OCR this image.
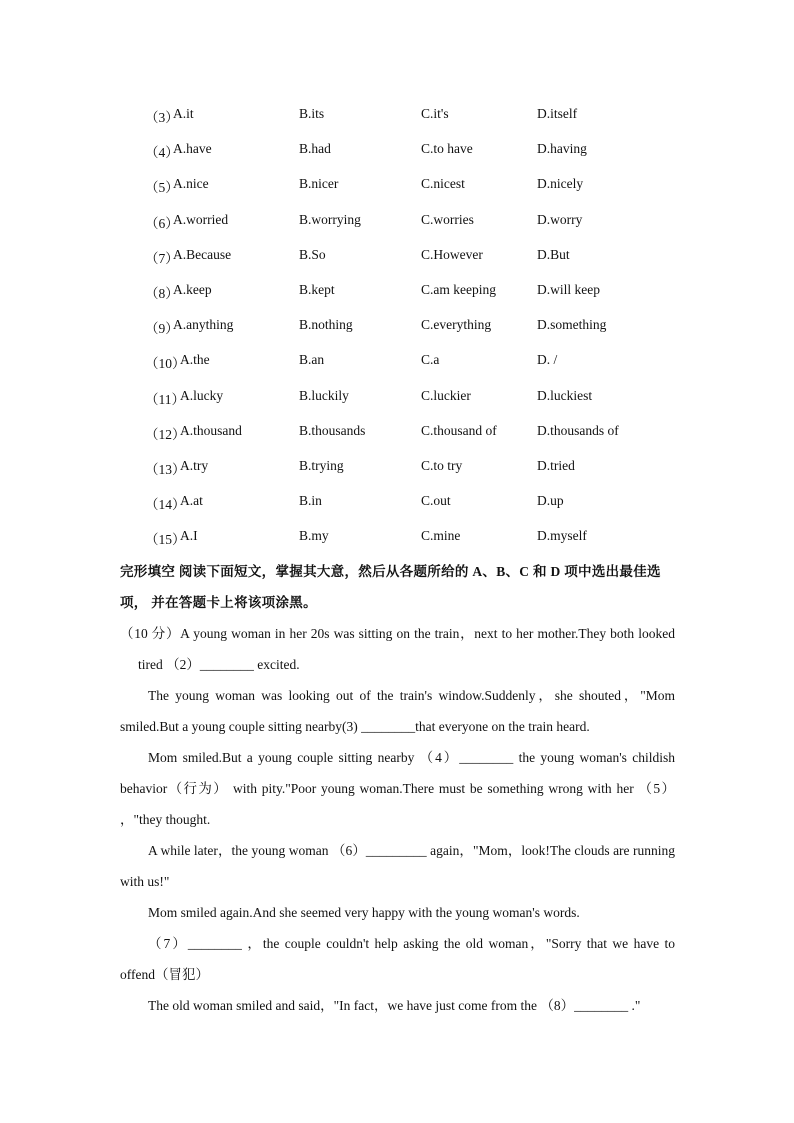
（3）
A.it	B.its	C.it's	D.itself
（4）
A.have	B.had	C.to have	D.having
（5）
A.nice	B.nicer	C.nicest	D.nicely
（6）
A.worried	B.worrying	C.worries	D.worry
（7）
A.Because	B.So	C.However	D.But
（8）
A.keep	B.kept	C.am keeping	D.will keep
（9）
A.anything	B.nothing	C.everything	D.something
（10）
A.the	B.an	C.a	D. /
（11）
A.lucky	B.luckily	C.luckier	D.luckiest
（12）
A.thousand	B.thousands	C.thousand of	D.thousands of
（13）
A.try	B.trying	C.to try	D.tried
（14）
A.at	B.in	C.out	D.up
（15）
A.I	B.my	C.mine	D.myself
完形填空 阅读下面短文，掌握其大意，然后从各题所给的 A、B、C 和 D 项中选出最佳选
项， 并在答题卡上将该项涂黑。

（10 分）A young woman in her 20s was sitting on the train，next to her mother.They both looked tired （2）________ excited.

The young woman was looking out of the train's window.Suddenly，she shouted，"Mom smiled.But a young couple sitting nearby(3) ________that everyone on the train heard.

Mom smiled.But a young couple sitting nearby （4）________ the young woman's childish behavior（行为） with pity."Poor young woman.There must be something wrong with her （5） ，"they thought.

A while later，the young woman （6）_________ again，"Mom，look!The clouds are running with us!"

Mom smiled again.And she seemed very happy with the young woman's words.

（7）________ ，the couple couldn't help asking the old woman，"Sorry that we have to offend（冒犯）

The old woman smiled and said，"In fact，we have just come from the （8）________ ."
